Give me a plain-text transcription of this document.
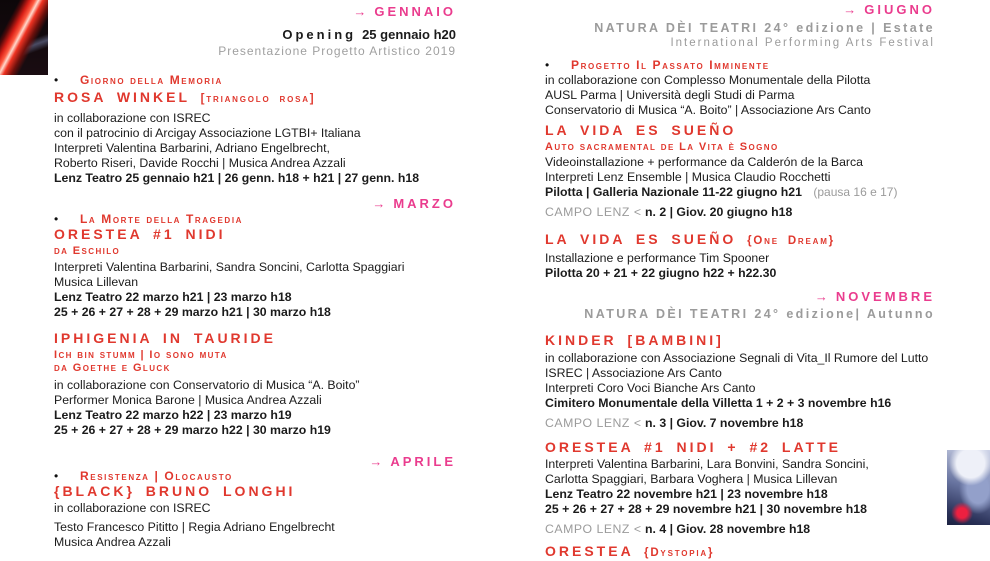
→ GENNAIO
Opening 25 gennaio h20
Presentazione Progetto Artistico 2019
•	Giorno della Memoria
ROSA WINKEL [triangolo rosa]
in collaborazione con ISREC
con il patrocinio di Arcigay Associazione LGTBI+ Italiana
Interpreti Valentina Barbarini, Adriano Engelbrecht,
Roberto Riseri, Davide Rocchi | Musica Andrea Azzali
Lenz Teatro 25 gennaio h21 | 26 genn. h18 + h21 | 27 genn. h18
→ MARZO
•	La Morte della Tragedia
ORESTEA #1 NIDI
da Eschilo
Interpreti Valentina Barbarini, Sandra Soncini, Carlotta Spaggiari
Musica Lillevan
Lenz Teatro 22 marzo h21 | 23 marzo h18
25 + 26 + 27 + 28 + 29 marzo h21 | 30 marzo h18
IPHIGENIA IN TAURIDE
Ich bin stumm | Io sono muta
da Goethe e Gluck
in collaborazione con Conservatorio di Musica “A. Boito”
Performer Monica Barone | Musica Andrea Azzali
Lenz Teatro 22 marzo h22 | 23 marzo h19
25 + 26 + 27 + 28 + 29 marzo h22 | 30 marzo h19
→ APRILE
•	Resistenza | Olocausto
{BLACK} BRUNO LONGHI
in collaborazione con ISREC
Testo Francesco Pititto | Regia Adriano Engelbrecht
Musica Andrea Azzali
→ GIUGNO
NATURA DÈI TEATRI 24° edizione | Estate
International Performing Arts Festival
•	Progetto Il Passato Imminente
in collaborazione con Complesso Monumentale della Pilotta
AUSL Parma | Università degli Studi di Parma
Conservatorio di Musica “A. Boito” | Associazione Ars Canto
LA VIDA ES SUEÑO
Auto sacramental de La Vita è Sogno
Videoinstallazione + performance da Calderón de la Barca
Interpreti Lenz Ensemble | Musica Claudio Rocchetti
Pilotta | Galleria Nazionale 11-22 giugno h21 (pausa 16 e 17)
CAMPO LENZ < n. 2 | Giov. 20 giugno h18
LA VIDA ES SUEÑO {One Dream}
Installazione e performance Tim Spooner
Pilotta 20 + 21 + 22 giugno h22 + h22.30
→ NOVEMBRE
NATURA DÈI TEATRI 24° edizione| Autunno
KINDER [BAMBINI]
in collaborazione con Associazione Segnali di Vita_Il Rumore del Lutto
ISREC | Associazione Ars Canto
Interpreti Coro Voci Bianche Ars Canto
Cimitero Monumentale della Villetta 1 + 2 + 3 novembre h16
CAMPO LENZ < n. 3 | Giov. 7 novembre h18
ORESTEA #1 NIDI + #2 LATTE
Interpreti Valentina Barbarini, Lara Bonvini, Sandra Soncini,
Carlotta Spaggiari, Barbara Voghera | Musica Lillevan
Lenz Teatro 22 novembre h21 | 23 novembre h18
25 + 26 + 27 + 28 + 29 novembre h21 | 30 novembre h18
CAMPO LENZ < n. 4 | Giov. 28 novembre h18
ORESTEA {Dystopia}
